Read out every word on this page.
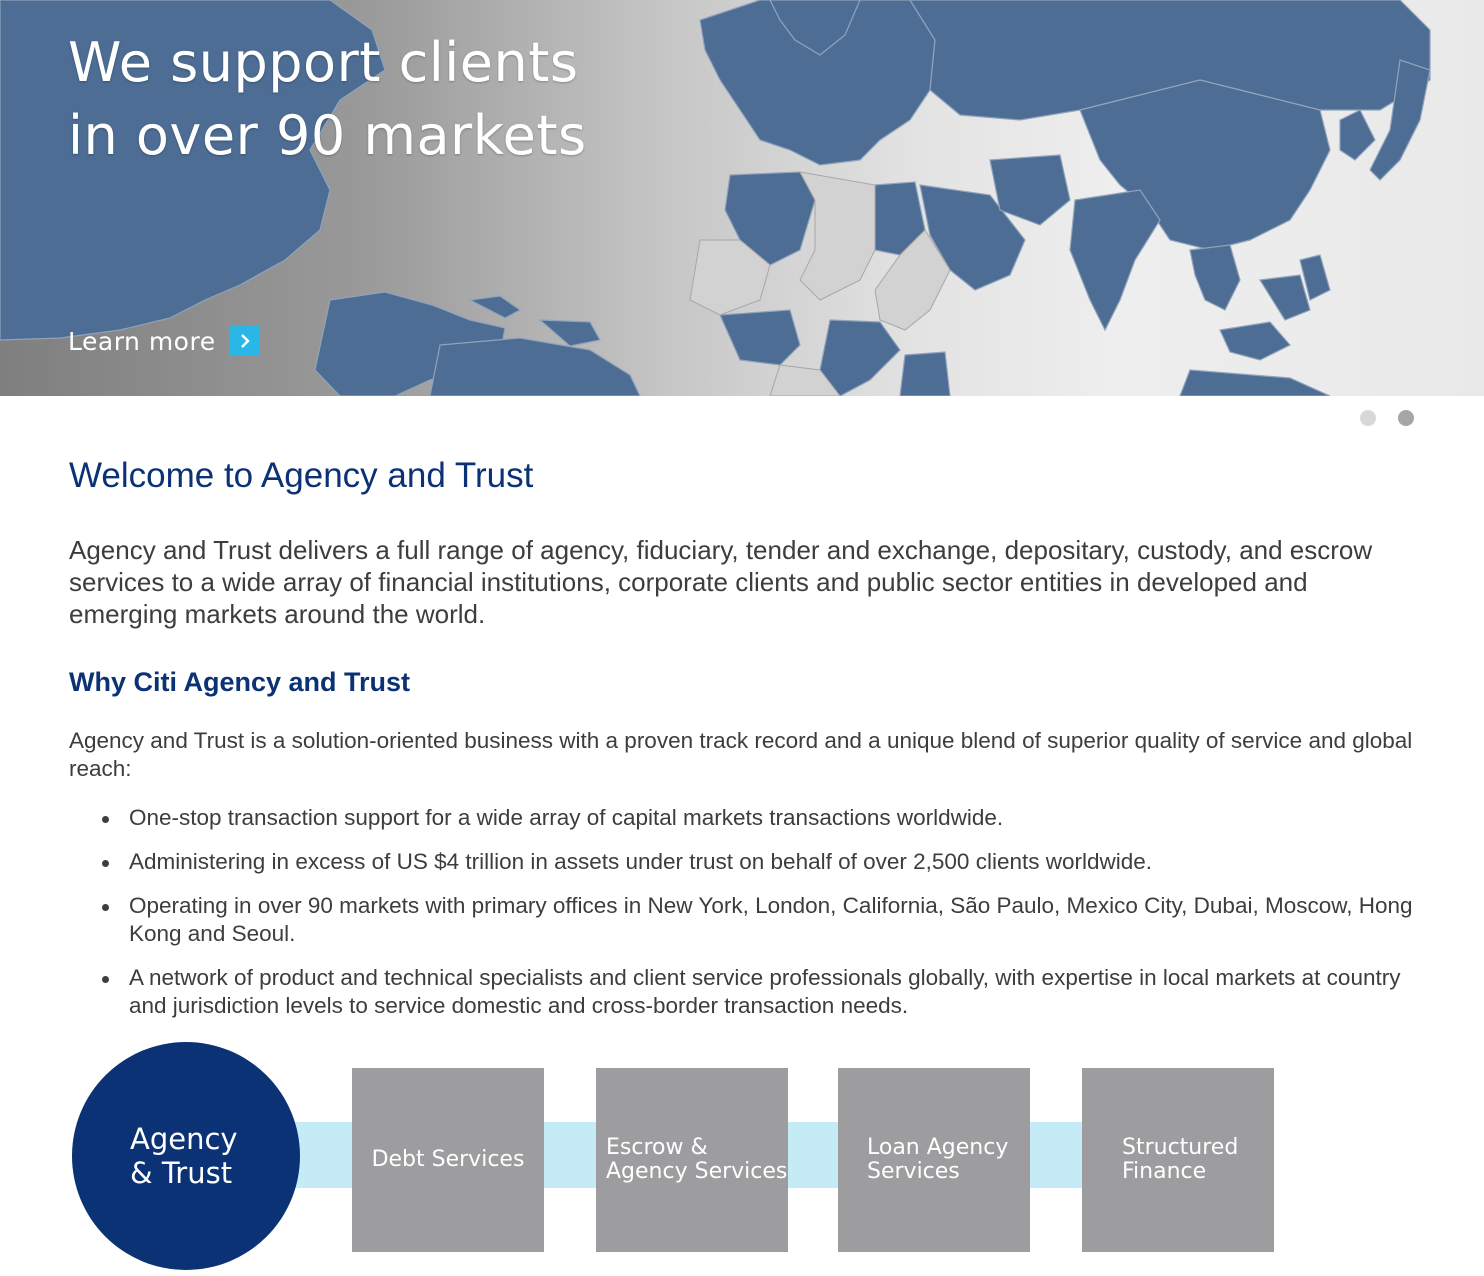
We support clients
in over 90 markets
Learn more
Welcome to Agency and Trust

Agency and Trust delivers a full range of agency, fiduciary, tender and exchange, depositary, custody, and escrow services to a wide array of financial institutions, corporate clients and public sector entities in developed and emerging markets around the world.

Why Citi Agency and Trust

Agency and Trust is a solution-oriented business with a proven track record and a unique blend of superior quality of service and global reach:

One-stop transaction support for a wide array of capital markets transactions worldwide.
Administering in excess of US $4 trillion in assets under trust on behalf of over 2,500 clients worldwide.
Operating in over 90 markets with primary offices in New York, London, California, São Paulo, Mexico City, Dubai, Moscow, Hong Kong and Seoul.
A network of product and technical specialists and client service professionals globally, with expertise in local markets at country and jurisdiction levels to service domestic and cross-border transaction needs.
Agency
& Trust	Debt Services	Escrow &
Agency Services
Loan Agency
Services
Structured
Finance
